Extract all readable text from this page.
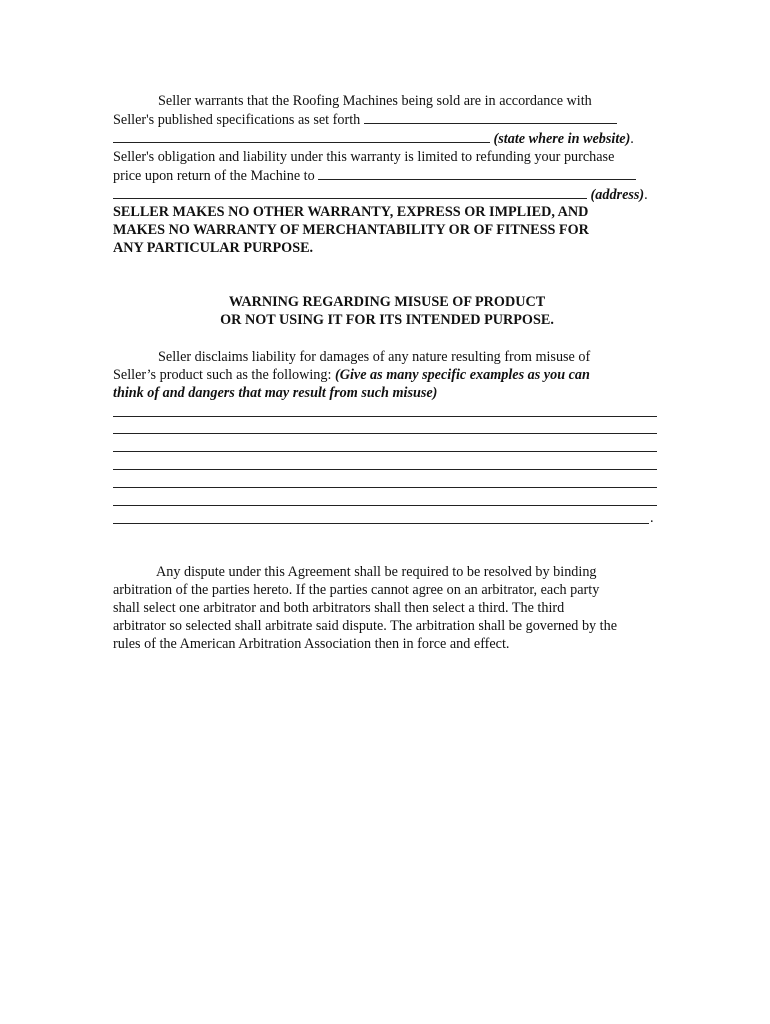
Seller warrants that the Roofing Machines being sold are in accordance with

Seller's published specifications as set forth

(state where in website).

Seller's obligation and liability under this warranty is limited to refunding your purchase

price upon return of the Machine to

(address).

SELLER MAKES NO OTHER WARRANTY, EXPRESS OR IMPLIED, AND

MAKES NO WARRANTY OF MERCHANTABILITY OR OF FITNESS FOR

ANY PARTICULAR PURPOSE.

WARNING REGARDING MISUSE OF PRODUCT

OR NOT USING IT FOR ITS INTENDED PURPOSE.

Seller disclaims liability for damages of any nature resulting from misuse of

Seller’s product such as the following: (Give as many specific examples as you can

think of and dangers that may result from such misuse)

.

Any dispute under this Agreement shall be required to be resolved by binding

arbitration of the parties hereto. If the parties cannot agree on an arbitrator, each party

shall select one arbitrator and both arbitrators shall then select a third. The third

arbitrator so selected shall arbitrate said dispute. The arbitration shall be governed by the

rules of the American Arbitration Association then in force and effect.
